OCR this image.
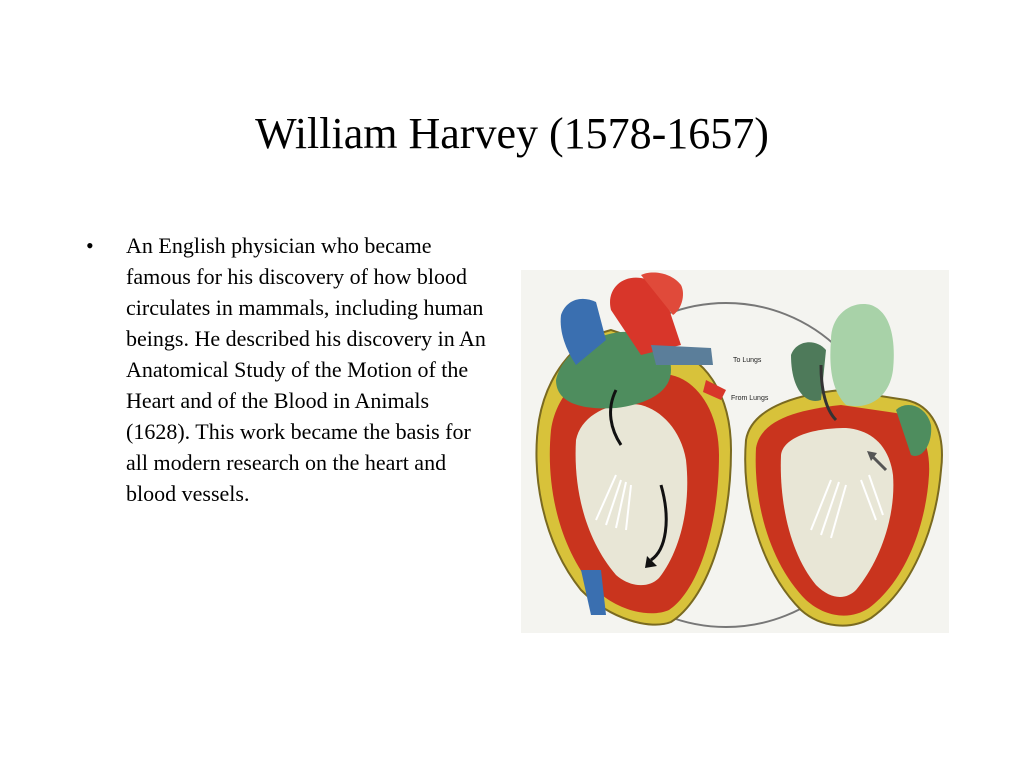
William Harvey (1578-1657)
•	An English physician who became famous for his discovery of how blood circulates in mammals, including human beings. He described his discovery in An Anatomical Study of the Motion of the Heart and of the Blood in Animals (1628). This work became the basis for all modern research on the heart and blood vessels.
To Lungs
From Lungs
